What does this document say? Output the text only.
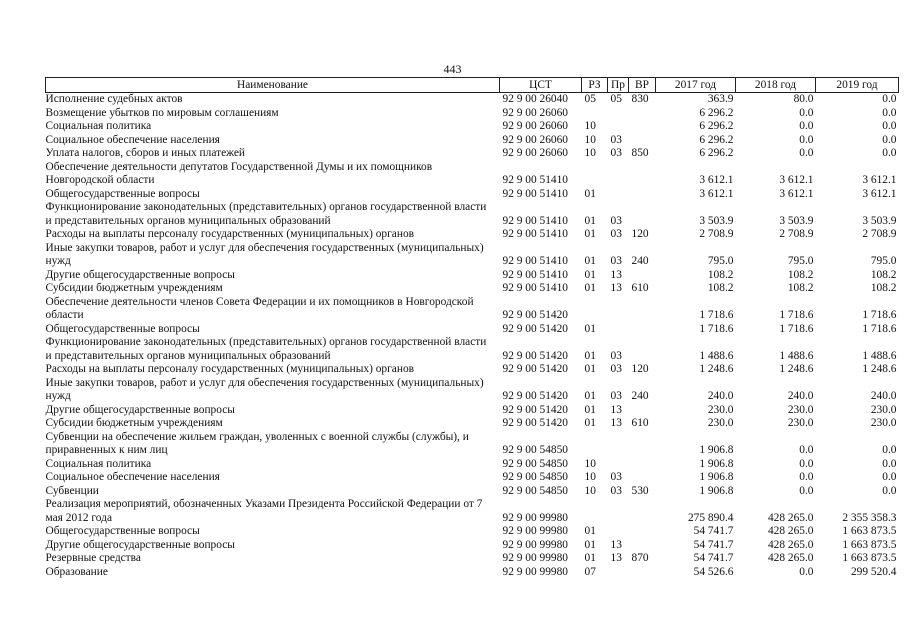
443
Наименование	ЦСТ	РЗ	Пр	ВР	2017 год	2018 год	2019 год
Исполнение судебных актов	92 9 00 26040	05	05	830	363.9	80.0	0.0
Возмещение убытков по мировым соглашениям	92 9 00 26060				6 296.2	0.0	0.0
Социальная политика	92 9 00 26060	10			6 296.2	0.0	0.0
Социальное обеспечение населения	92 9 00 26060	10	03		6 296.2	0.0	0.0
Уплата налогов, сборов и иных платежей	92 9 00 26060	10	03	850	6 296.2	0.0	0.0
Обеспечение деятельности депутатов Государственной Думы и их помощников Новгородской области	92 9 00 51410				3 612.1	3 612.1	3 612.1
Общегосударственные вопросы	92 9 00 51410	01			3 612.1	3 612.1	3 612.1
Функционирование законодательных (представительных) органов государственной власти и представительных органов муниципальных образований	92 9 00 51410	01	03		3 503.9	3 503.9	3 503.9
Расходы на выплаты персоналу государственных (муниципальных) органов	92 9 00 51410	01	03	120	2 708.9	2 708.9	2 708.9
Иные закупки товаров, работ и услуг для обеспечения государственных (муниципальных) нужд	92 9 00 51410	01	03	240	795.0	795.0	795.0
Другие общегосударственные вопросы	92 9 00 51410	01	13		108.2	108.2	108.2
Субсидии бюджетным учреждениям	92 9 00 51410	01	13	610	108.2	108.2	108.2
Обеспечение деятельности членов Совета Федерации и их помощников в Новгородской области	92 9 00 51420				1 718.6	1 718.6	1 718.6
Общегосударственные вопросы	92 9 00 51420	01			1 718.6	1 718.6	1 718.6
Функционирование законодательных (представительных) органов государственной власти и представительных органов муниципальных образований	92 9 00 51420	01	03		1 488.6	1 488.6	1 488.6
Расходы на выплаты персоналу государственных (муниципальных) органов	92 9 00 51420	01	03	120	1 248.6	1 248.6	1 248.6
Иные закупки товаров, работ и услуг для обеспечения государственных (муниципальных) нужд	92 9 00 51420	01	03	240	240.0	240.0	240.0
Другие общегосударственные вопросы	92 9 00 51420	01	13		230.0	230.0	230.0
Субсидии бюджетным учреждениям	92 9 00 51420	01	13	610	230.0	230.0	230.0
Субвенции на обеспечение жильем граждан, уволенных с военной службы (службы), и приравненных к ним лиц	92 9 00 54850				1 906.8	0.0	0.0
Социальная политика	92 9 00 54850	10			1 906.8	0.0	0.0
Социальное обеспечение населения	92 9 00 54850	10	03		1 906.8	0.0	0.0
Субвенции	92 9 00 54850	10	03	530	1 906.8	0.0	0.0
Реализация мероприятий, обозначенных Указами Президента Российской Федерации от 7 мая 2012 года	92 9 00 99980				275 890.4	428 265.0	2 355 358.3
Общегосударственные вопросы	92 9 00 99980	01			54 741.7	428 265.0	1 663 873.5
Другие общегосударственные вопросы	92 9 00 99980	01	13		54 741.7	428 265.0	1 663 873.5
Резервные средства	92 9 00 99980	01	13	870	54 741.7	428 265.0	1 663 873.5
Образование	92 9 00 99980	07			54 526.6	0.0	299 520.4
